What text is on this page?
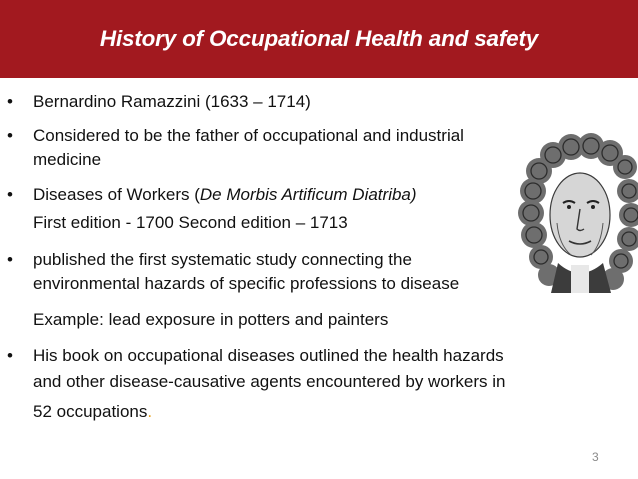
History of Occupational Health and safety
• Bernardino Ramazzini (1633 – 1714)
• Considered to be the father of occupational and industrial
medicine
• Diseases of Workers (De Morbis Artificum Diatriba)
First edition - 1700 Second edition – 1713
• published the first systematic study connecting the
environmental hazards of specific professions to disease
Example: lead exposure in potters and painters
• His book on occupational diseases outlined the health hazards
and other disease-causative agents encountered by workers in
52 occupations.
3
